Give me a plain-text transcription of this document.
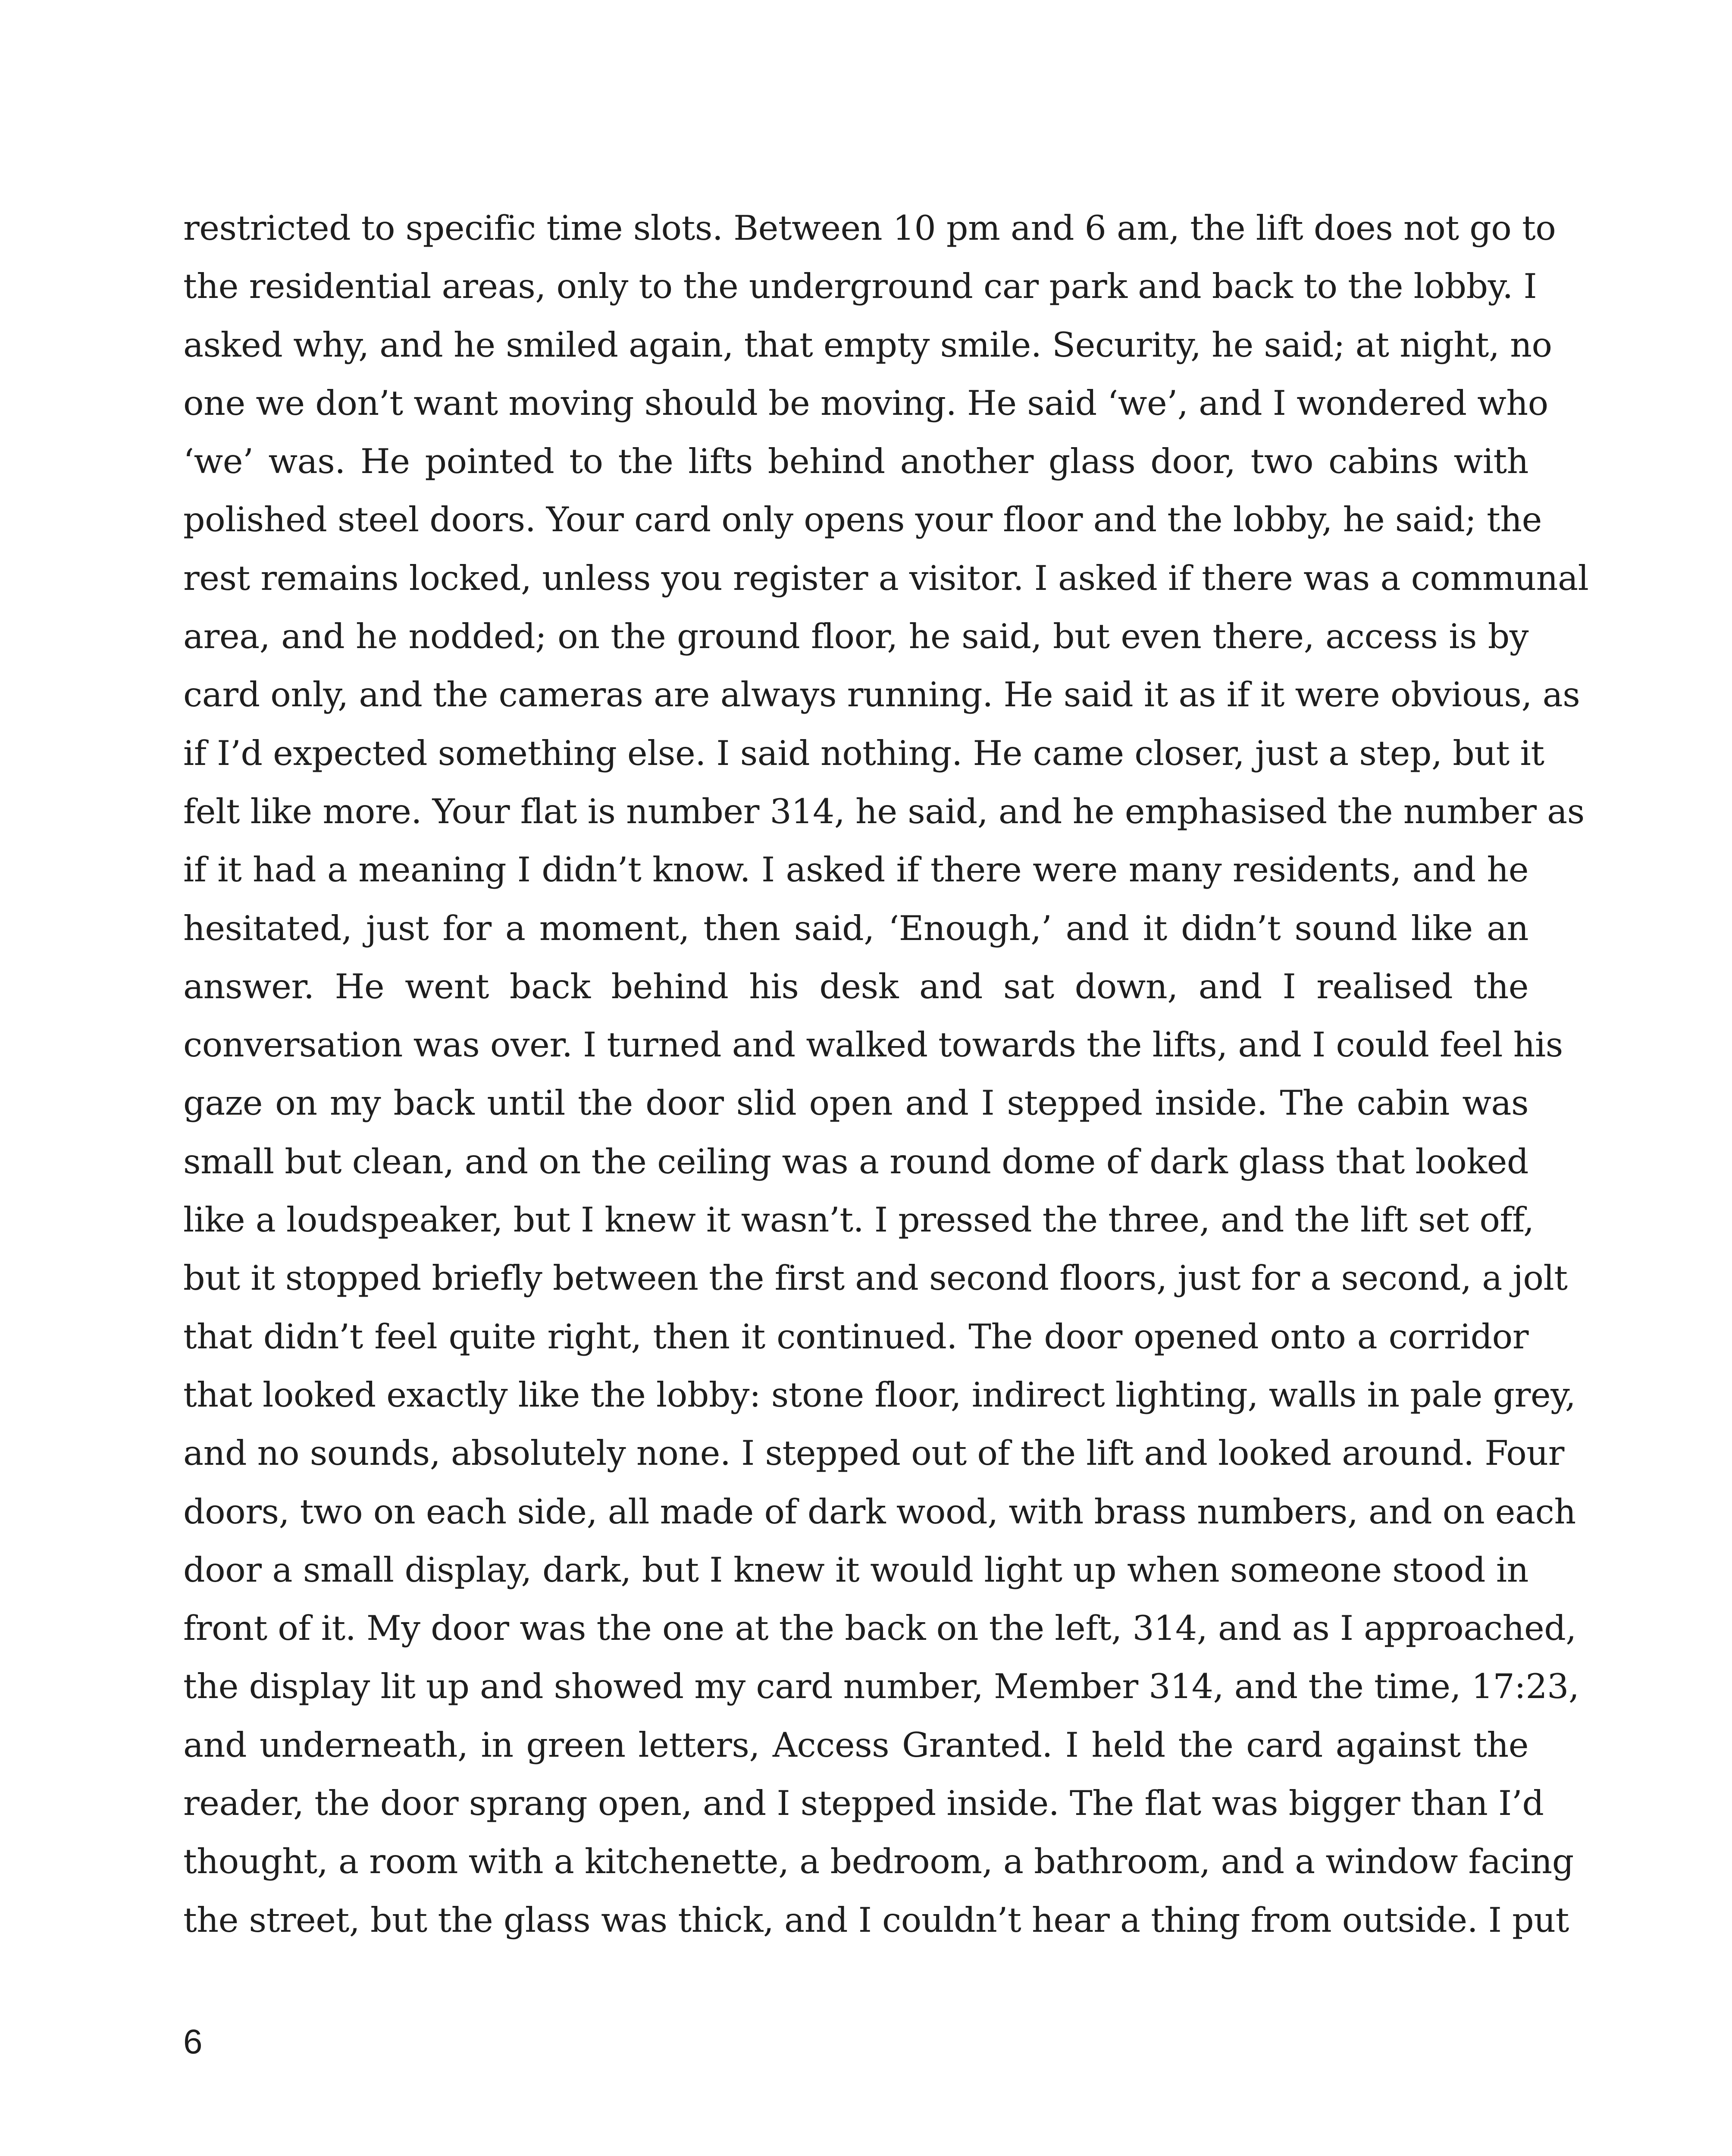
restricted to specific time slots. Between 10 pm and 6 am, the lift does not go to
the residential areas, only to the underground car park and back to the lobby. I
asked why, and he smiled again, that empty smile. Security, he said; at night, no
one we don’t want moving should be moving. He said ‘we’, and I wondered who
‘we’ was. He pointed to the lifts behind another glass door, two cabins with
polished steel doors. Your card only opens your floor and the lobby, he said; the
rest remains locked, unless you register a visitor. I asked if there was a communal
area, and he nodded; on the ground floor, he said, but even there, access is by
card only, and the cameras are always running. He said it as if it were obvious, as
if I’d expected something else. I said nothing. He came closer, just a step, but it
felt like more. Your flat is number 314, he said, and he emphasised the number as
if it had a meaning I didn’t know. I asked if there were many residents, and he
hesitated, just for a moment, then said, ‘Enough,’ and it didn’t sound like an
answer. He went back behind his desk and sat down, and I realised the
conversation was over. I turned and walked towards the lifts, and I could feel his
gaze on my back until the door slid open and I stepped inside. The cabin was
small but clean, and on the ceiling was a round dome of dark glass that looked
like a loudspeaker, but I knew it wasn’t. I pressed the three, and the lift set off,
but it stopped briefly between the first and second floors, just for a second, a jolt
that didn’t feel quite right, then it continued. The door opened onto a corridor
that looked exactly like the lobby: stone floor, indirect lighting, walls in pale grey,
and no sounds, absolutely none. I stepped out of the lift and looked around. Four
doors, two on each side, all made of dark wood, with brass numbers, and on each
door a small display, dark, but I knew it would light up when someone stood in
front of it. My door was the one at the back on the left, 314, and as I approached,
the display lit up and showed my card number, Member 314, and the time, 17:23,
and underneath, in green letters, Access Granted. I held the card against the
reader, the door sprang open, and I stepped inside. The flat was bigger than I’d
thought, a room with a kitchenette, a bedroom, a bathroom, and a window facing
the street, but the glass was thick, and I couldn’t hear a thing from outside. I put
6
